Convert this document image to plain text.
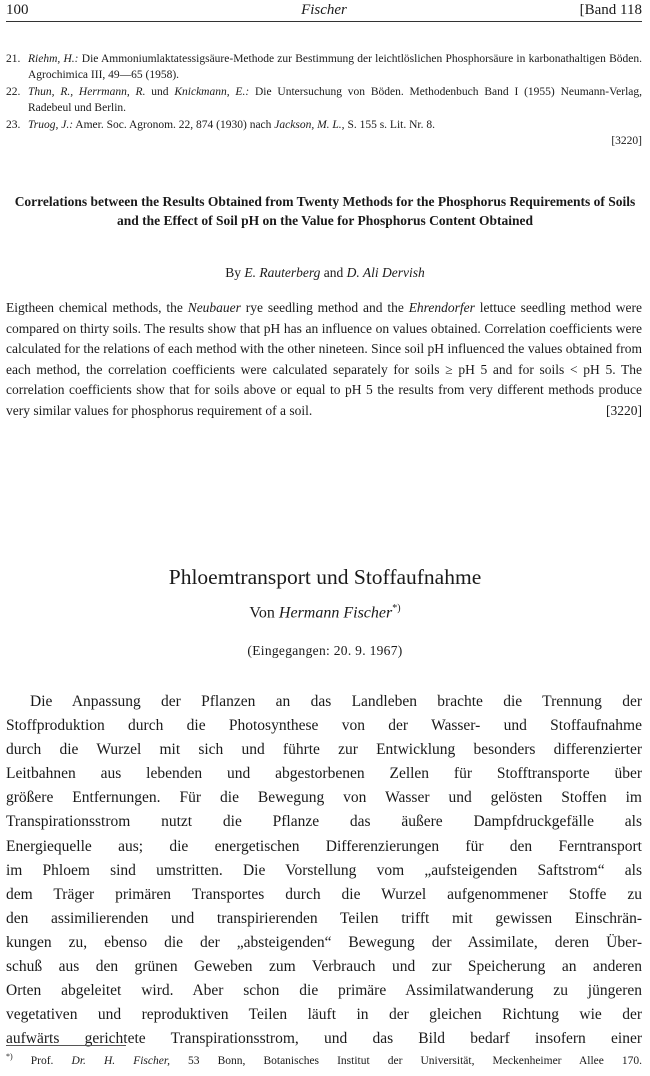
100	Fischer	[Band 118
21. Riehm, H.: Die Ammoniumlaktatessigsäure-Methode zur Bestimmung der leichtlöslichen Phosphorsäure in karbonathaltigen Böden. Agrochimica III, 49—65 (1958).
22. Thun, R., Herrmann, R. und Knickmann, E.: Die Untersuchung von Böden. Methodenbuch Band I (1955) Neumann-Verlag, Radebeul und Berlin.
23. Truog, J.: Amer. Soc. Agronom. 22, 874 (1930) nach Jackson, M. L., S. 155 s. Lit. Nr. 8.
[3220]
Correlations between the Results Obtained from Twenty Methods for the Phosphorus Requirements of Soils and the Effect of Soil pH on the Value for Phosphorus Content Obtained
By E. Rauterberg and D. Ali Dervish
Eigtheen chemical methods, the Neubauer rye seedling method and the Ehrendorfer lettuce seedling method were compared on thirty soils. The results show that pH has an influence on values obtained. Correlation coefficients were calculated for the relations of each method with the other nineteen. Since soil pH influenced the values obtained from each method, the correlation coefficients were calculated separately for soils ≥ pH 5 and for soils < pH 5. The correlation coefficients show that for soils above or equal to pH 5 the results from very different methods produce very similar values for phosphorus requirement of a soil.	[3220]
Phloemtransport und Stoffaufnahme
Von Hermann Fischer*)
(Eingegangen: 20. 9. 1967)
Die Anpassung der Pflanzen an das Landleben brachte die Trennung der
Stoffproduktion durch die Photosynthese von der Wasser- und Stoffaufnahme
durch die Wurzel mit sich und führte zur Entwicklung besonders differenzierter
Leitbahnen aus lebenden und abgestorbenen Zellen für Stofftransporte über
größere Entfernungen. Für die Bewegung von Wasser und gelösten Stoffen im
Transpirationsstrom nutzt die Pflanze das äußere Dampfdruckgefälle als
Energiequelle aus; die energetischen Differenzierungen für den Ferntransport
im Phloem sind umstritten. Die Vorstellung vom „aufsteigenden Saftstrom“ als
dem Träger primären Transportes durch die Wurzel aufgenommener Stoffe zu
den assimilierenden und transpirierenden Teilen trifft mit gewissen Einschrän-
kungen zu, ebenso die der „absteigenden“ Bewegung der Assimilate, deren Über-
schuß aus den grünen Geweben zum Verbrauch und zur Speicherung an anderen
Orten abgeleitet wird. Aber schon die primäre Assimilatwanderung zu jüngeren
vegetativen und reproduktiven Teilen läuft in der gleichen Richtung wie der
aufwärts gerichtete Transpirationsstrom, und das Bild bedarf insofern einer
*) Prof. Dr. H. Fischer, 53 Bonn, Botanisches Institut der Universität, Meckenheimer Allee 170.
